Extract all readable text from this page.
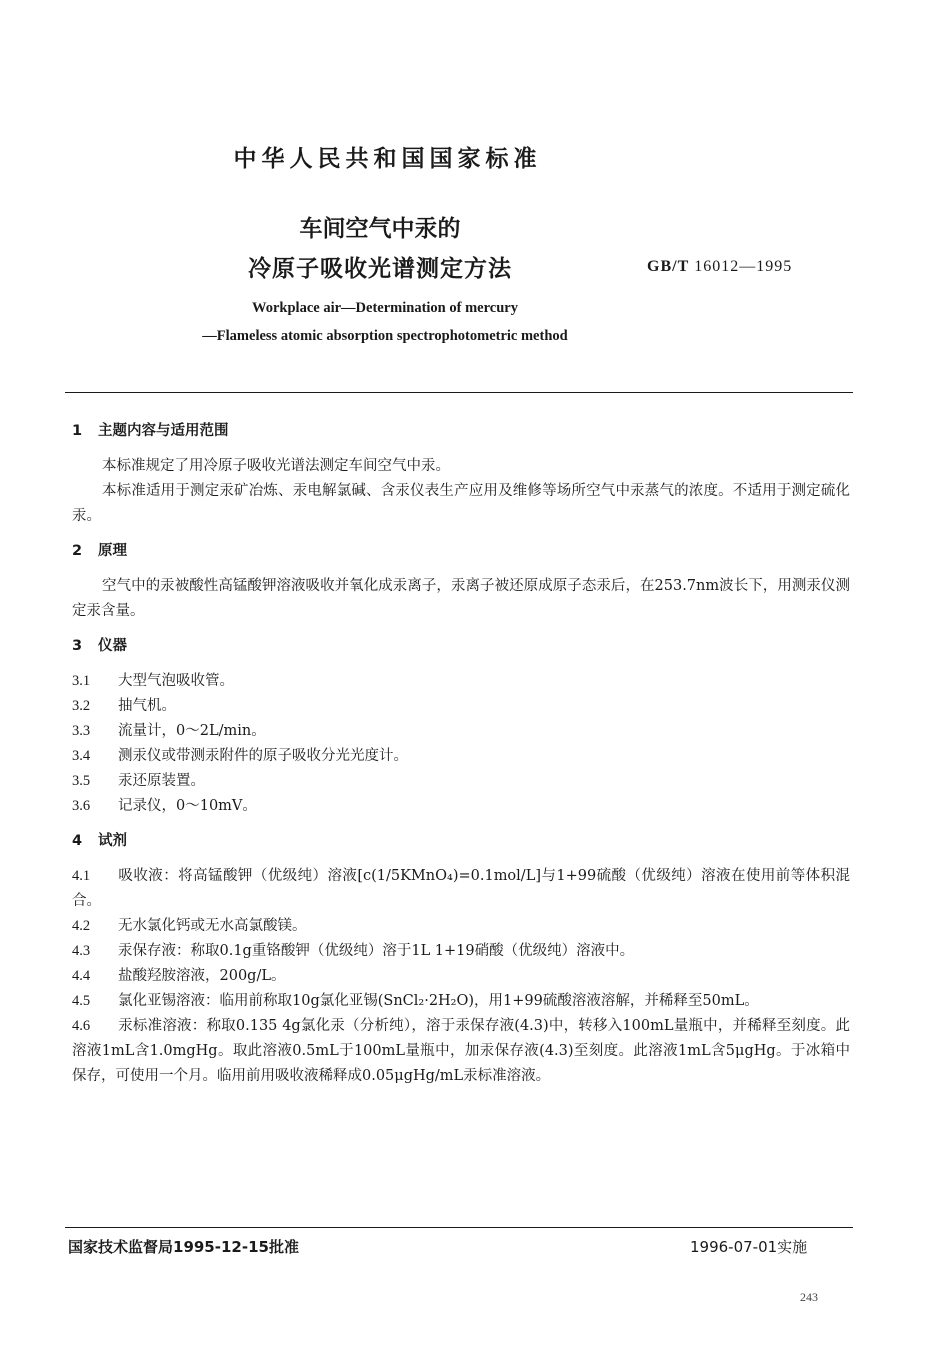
中华人民共和国国家标准
车间空气中汞的
冷原子吸收光谱测定方法	GB/T 16012—1995
Workplace air—Determination of mercury
—Flameless atomic absorption spectrophotometric method
1 主题内容与适用范围

本标准规定了用冷原子吸收光谱法测定车间空气中汞。

本标准适用于测定汞矿冶炼、汞电解氯碱、含汞仪表生产应用及维修等场所空气中汞蒸气的浓度。不适用于测定硫化汞。

2 原理

空气中的汞被酸性高锰酸钾溶液吸收并氧化成汞离子，汞离子被还原成原子态汞后，在253.7nm波长下，用测汞仪测定汞含量。

3 仪器

3.1 大型气泡吸收管。

3.2 抽气机。

3.3 流量计，0～2L/min。

3.4 测汞仪或带测汞附件的原子吸收分光光度计。

3.5 汞还原装置。

3.6 记录仪，0～10mV。

4 试剂

4.1 吸收液：将高锰酸钾（优级纯）溶液[c(1/5KMnO₄)=0.1mol/L]与1+99硫酸（优级纯）溶液在使用前等体积混合。

4.2 无水氯化钙或无水高氯酸镁。

4.3 汞保存液：称取0.1g重铬酸钾（优级纯）溶于1L 1+19硝酸（优级纯）溶液中。

4.4 盐酸羟胺溶液，200g/L。

4.5 氯化亚锡溶液：临用前称取10g氯化亚锡(SnCl₂·2H₂O)，用1+99硫酸溶液溶解，并稀释至50mL。

4.6 汞标准溶液：称取0.135 4g氯化汞（分析纯），溶于汞保存液(4.3)中，转移入100mL量瓶中，并稀释至刻度。此溶液1mL含1.0mgHg。取此溶液0.5mL于100mL量瓶中，加汞保存液(4.3)至刻度。此溶液1mL含5μgHg。于冰箱中保存，可使用一个月。临用前用吸收液稀释成0.05μgHg/mL汞标准溶液。

国家技术监督局1995-12-15批准	1996-07-01实施
243
